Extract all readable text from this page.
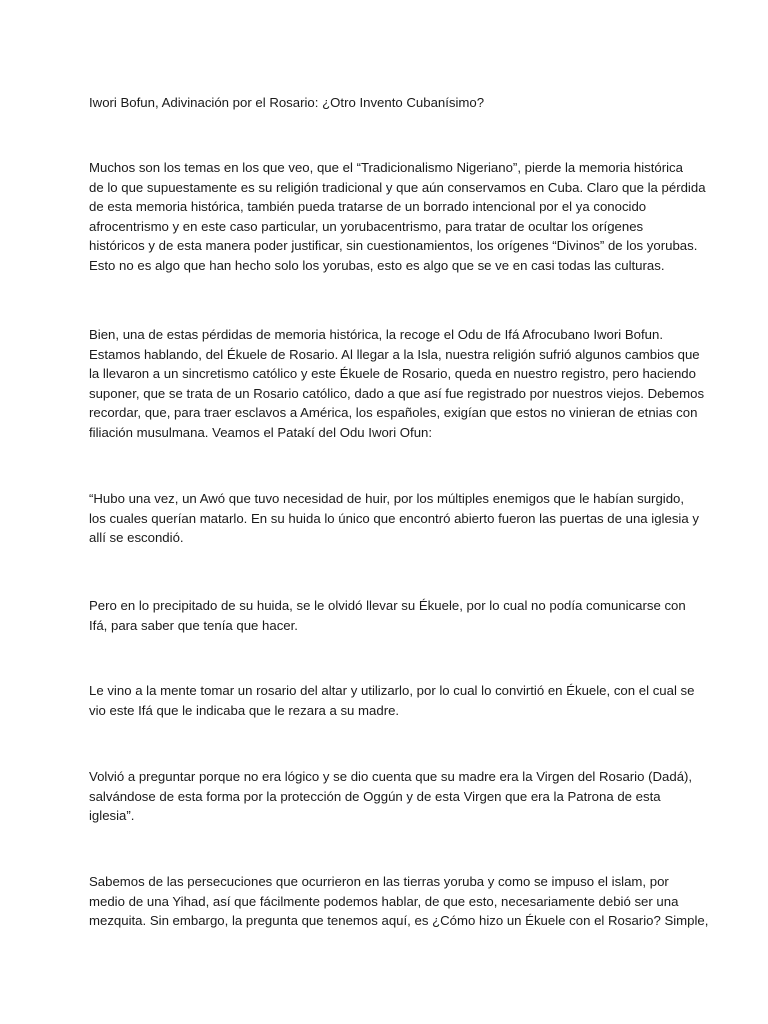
Iwori Bofun, Adivinación por el Rosario: ¿Otro Invento Cubanísimo?
Muchos son los temas en los que veo, que el “Tradicionalismo Nigeriano”, pierde la memoria histórica
de lo que supuestamente es su religión tradicional y que aún conservamos en Cuba. Claro que la pérdida
de esta memoria histórica, también pueda tratarse de un borrado intencional por el ya conocido
afrocentrismo y en este caso particular, un yorubacentrismo, para tratar de ocultar los orígenes
históricos y de esta manera poder justificar, sin cuestionamientos, los orígenes “Divinos” de los yorubas.
Esto no es algo que han hecho solo los yorubas, esto es algo que se ve en casi todas las culturas.
Bien, una de estas pérdidas de memoria histórica, la recoge el Odu de Ifá Afrocubano Iwori Bofun.
Estamos hablando, del Ékuele de Rosario. Al llegar a la Isla, nuestra religión sufrió algunos cambios que
la llevaron a un sincretismo católico y este Ékuele de Rosario, queda en nuestro registro, pero haciendo
suponer, que se trata de un Rosario católico, dado a que así fue registrado por nuestros viejos. Debemos
recordar, que, para traer esclavos a América, los españoles, exigían que estos no vinieran de etnias con
filiación musulmana. Veamos el Patakí del Odu Iwori Ofun:
“Hubo una vez, un Awó que tuvo necesidad de huir, por los múltiples enemigos que le habían surgido,
los cuales querían matarlo. En su huida lo único que encontró abierto fueron las puertas de una iglesia y
allí se escondió.
Pero en lo precipitado de su huida, se le olvidó llevar su Ékuele, por lo cual no podía comunicarse con
Ifá, para saber que tenía que hacer.
Le vino a la mente tomar un rosario del altar y utilizarlo, por lo cual lo convirtió en Ékuele, con el cual se
vio este Ifá que le indicaba que le rezara a su madre.
Volvió a preguntar porque no era lógico y se dio cuenta que su madre era la Virgen del Rosario (Dadá),
salvándose de esta forma por la protección de Oggún y de esta Virgen que era la Patrona de esta
iglesia”.
Sabemos de las persecuciones que ocurrieron en las tierras yoruba y como se impuso el islam, por
medio de una Yihad, así que fácilmente podemos hablar, de que esto, necesariamente debió ser una
mezquita. Sin embargo, la pregunta que tenemos aquí, es ¿Cómo hizo un Ékuele con el Rosario? Simple,
